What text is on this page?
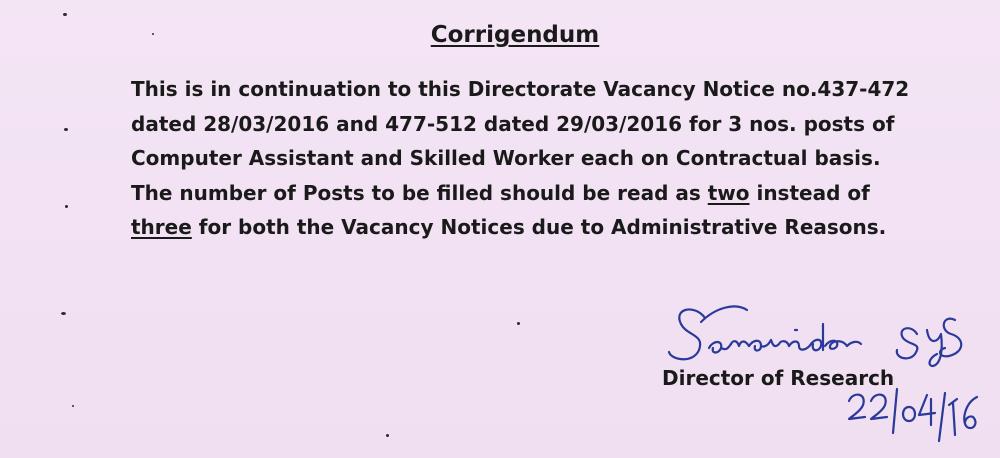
Corrigendum
This is in continuation to this Directorate Vacancy Notice no.437-472
dated 28/03/2016 and 477-512 dated 29/03/2016 for 3 nos. posts of
Computer Assistant and Skilled Worker each on Contractual basis.
The number of Posts to be filled should be read as two instead of
three for both the Vacancy Notices due to Administrative Reasons.
Director of Research
